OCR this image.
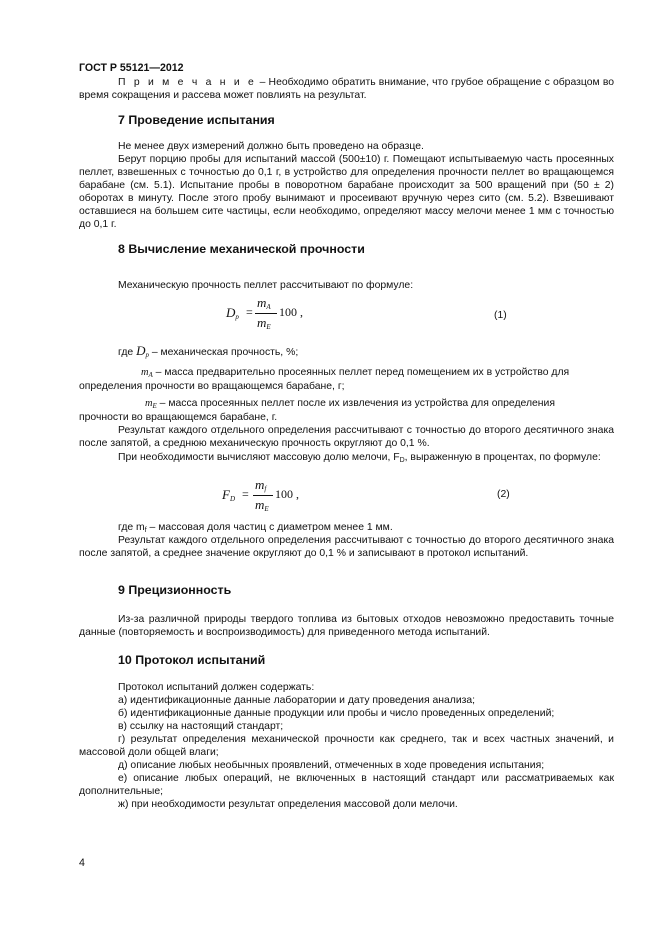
ГОСТ Р 55121—2012
П р и м е ч а н и е – Необходимо обратить внимание, что грубое обращение с образцом во время сокращения и рассева может повлиять на результат.
7 Проведение испытания
Не менее двух измерений должно быть проведено на образце.
Берут порцию пробы для испытаний массой (500±10) г. Помещают испытываемую часть просеянных пеллет, взвешенных с точностью до 0,1 г, в устройство для определения прочности пеллет во вращающемся барабане (см. 5.1). Испытание пробы в поворотном барабане происходит за 500 вращений при (50 ± 2) оборотах в минуту. После этого пробу вынимают и просеивают вручную через сито (см. 5.2). Взвешивают оставшиеся на большем сите частицы, если необходимо, определяют массу мелочи менее 1 мм с точностью до 0,1 г.
8 Вычисление механической прочности
Механическую прочность пеллет рассчитывают по формуле:
$D_p$ =
$m_A$
$m_E$
100 ,	(1)
где $D_p$ – механическая прочность, %;
$m_A$ – масса предварительно просеянных пеллет перед помещением их в устройство для
определения прочности во вращающемся барабане, г;
$m_E$ – масса просеянных пеллет после их извлечения из устройства для определения
прочности во вращающемся барабане, г.
Результат каждого отдельного определения рассчитывают с точностью до второго десятичного знака после запятой, а среднюю механическую прочность округляют до 0,1 %.
При необходимости вычисляют массовую долю мелочи, FD, выраженную в процентах, по формуле:
$F_D$ =
$m_f$
$m_E$
100 ,	(2)
где mf – массовая доля частиц с диаметром менее 1 мм.
Результат каждого отдельного определения рассчитывают с точностью до второго десятичного знака после запятой, а среднее значение округляют до 0,1 % и записывают в протокол испытаний.
9 Прецизионность
Из-за различной природы твердого топлива из бытовых отходов невозможно предоставить точные данные (повторяемость и воспроизводимость) для приведенного метода испытаний.
10 Протокол испытаний
Протокол испытаний должен содержать:
а) идентификационные данные лаборатории и дату проведения анализа;
б) идентификационные данные продукции или пробы и число проведенных определений;
в) ссылку на настоящий стандарт;
г) результат определения механической прочности как среднего, так и всех частных значений, и массовой доли общей влаги;
д) описание любых необычных проявлений, отмеченных в ходе проведения испытания;
е) описание любых операций, не включенных в настоящий стандарт или рассматриваемых как дополнительные;
ж) при необходимости результат определения массовой доли мелочи.
4
